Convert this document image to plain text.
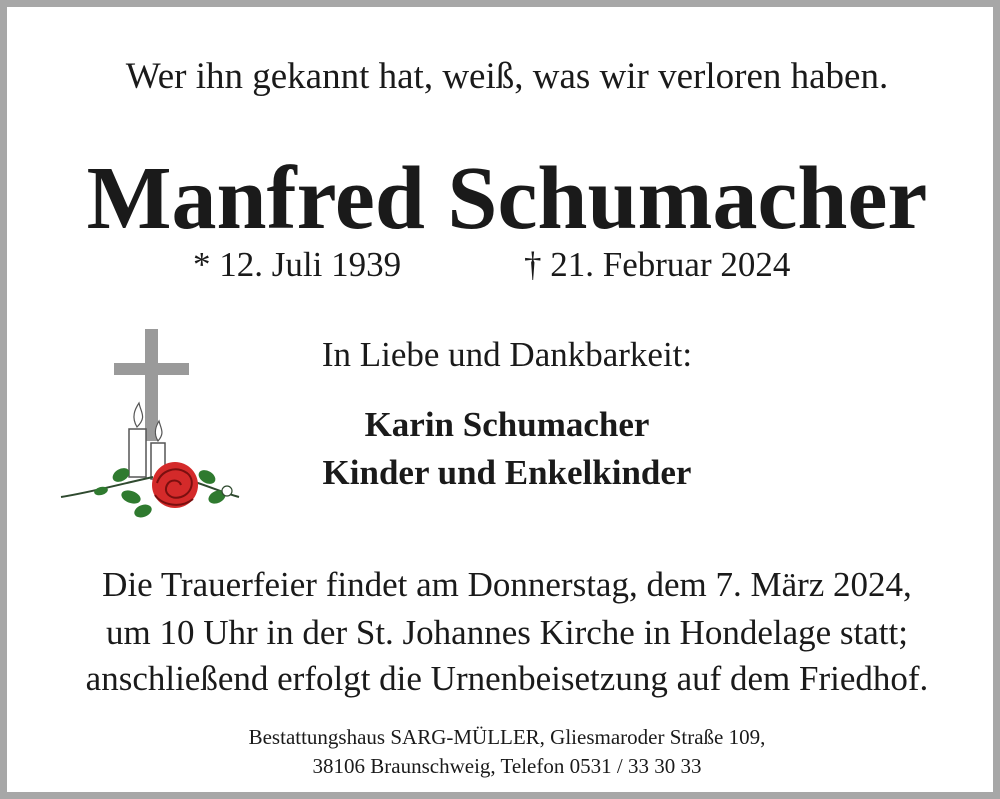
Wer ihn gekannt hat, weiß, was wir verloren haben.
Manfred Schumacher
* 12. Juli 1939	† 21. Februar 2024
In Liebe und Dankbarkeit:
Karin Schumacher
Kinder und Enkelkinder
Die Trauerfeier findet am Donnerstag, dem 7. März 2024,
um 10 Uhr in der St. Johannes Kirche in Hondelage statt;
anschließend erfolgt die Urnenbeisetzung auf dem Friedhof.
Bestattungshaus SARG-MÜLLER, Gliesmaroder Straße 109,
38106 Braunschweig, Telefon 0531 / 33 30 33
